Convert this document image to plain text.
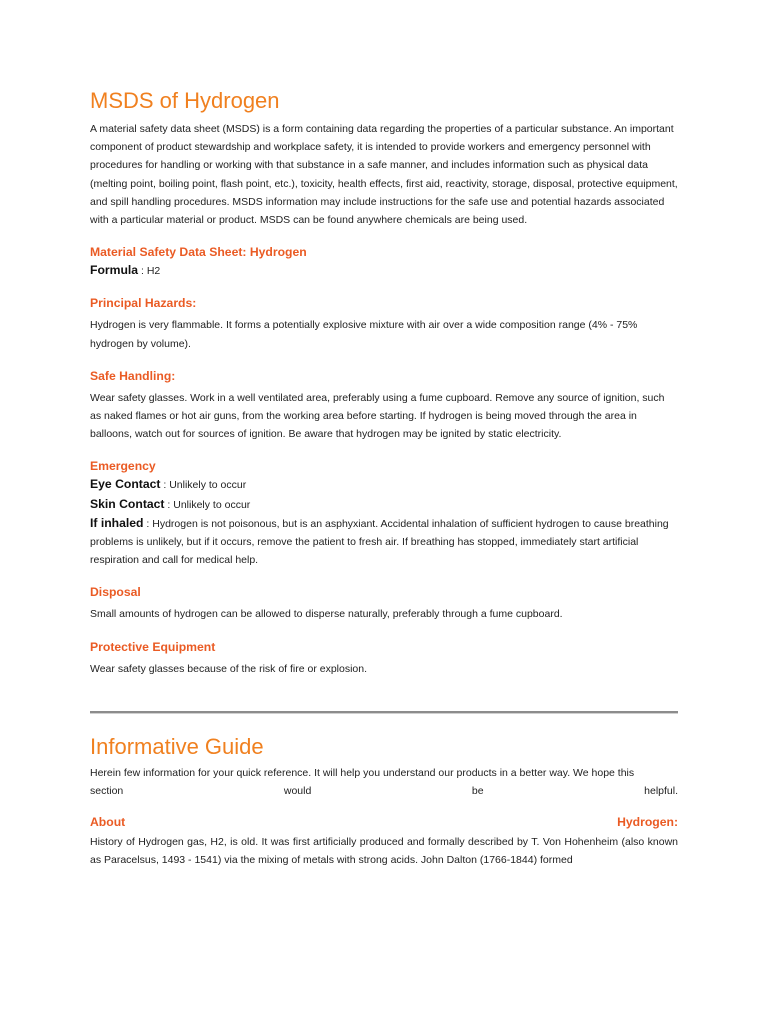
MSDS of Hydrogen

A material safety data sheet (MSDS) is a form containing data regarding the properties of a particular substance. An important component of product stewardship and workplace safety, it is intended to provide workers and emergency personnel with procedures for handling or working with that substance in a safe manner, and includes information such as physical data (melting point, boiling point, flash point, etc.), toxicity, health effects, first aid, reactivity, storage, disposal, protective equipment, and spill handling procedures. MSDS information may include instructions for the safe use and potential hazards associated with a particular material or product. MSDS can be found anywhere chemicals are being used.

Material Safety Data Sheet: Hydrogen

Formula : H2

Principal Hazards:

Hydrogen is very flammable. It forms a potentially explosive mixture with air over a wide composition range (4% - 75% hydrogen by volume).

Safe Handling:

Wear safety glasses. Work in a well ventilated area, preferably using a fume cupboard. Remove any source of ignition, such as naked flames or hot air guns, from the working area before starting. If hydrogen is being moved through the area in balloons, watch out for sources of ignition. Be aware that hydrogen may be ignited by static electricity.

Emergency

Eye Contact : Unlikely to occur

Skin Contact : Unlikely to occur

If inhaled : Hydrogen is not poisonous, but is an asphyxiant. Accidental inhalation of sufficient hydrogen to cause breathing problems is unlikely, but if it occurs, remove the patient to fresh air. If breathing has stopped, immediately start artificial respiration and call for medical help.

Disposal

Small amounts of hydrogen can be allowed to disperse naturally, preferably through a fume cupboard.

Protective Equipment

Wear safety glasses because of the risk of fire or explosion.

Informative Guide

Herein few information for your quick reference. It will help you understand our products in a better way. We hope this

section	would	be	helpful.
About	Hydrogen:

History of Hydrogen gas, H2, is old. It was first artificially produced and formally described by T. Von Hohenheim (also known as Paracelsus, 1493 - 1541) via the mixing of metals with strong acids. John Dalton (1766-1844) formed
